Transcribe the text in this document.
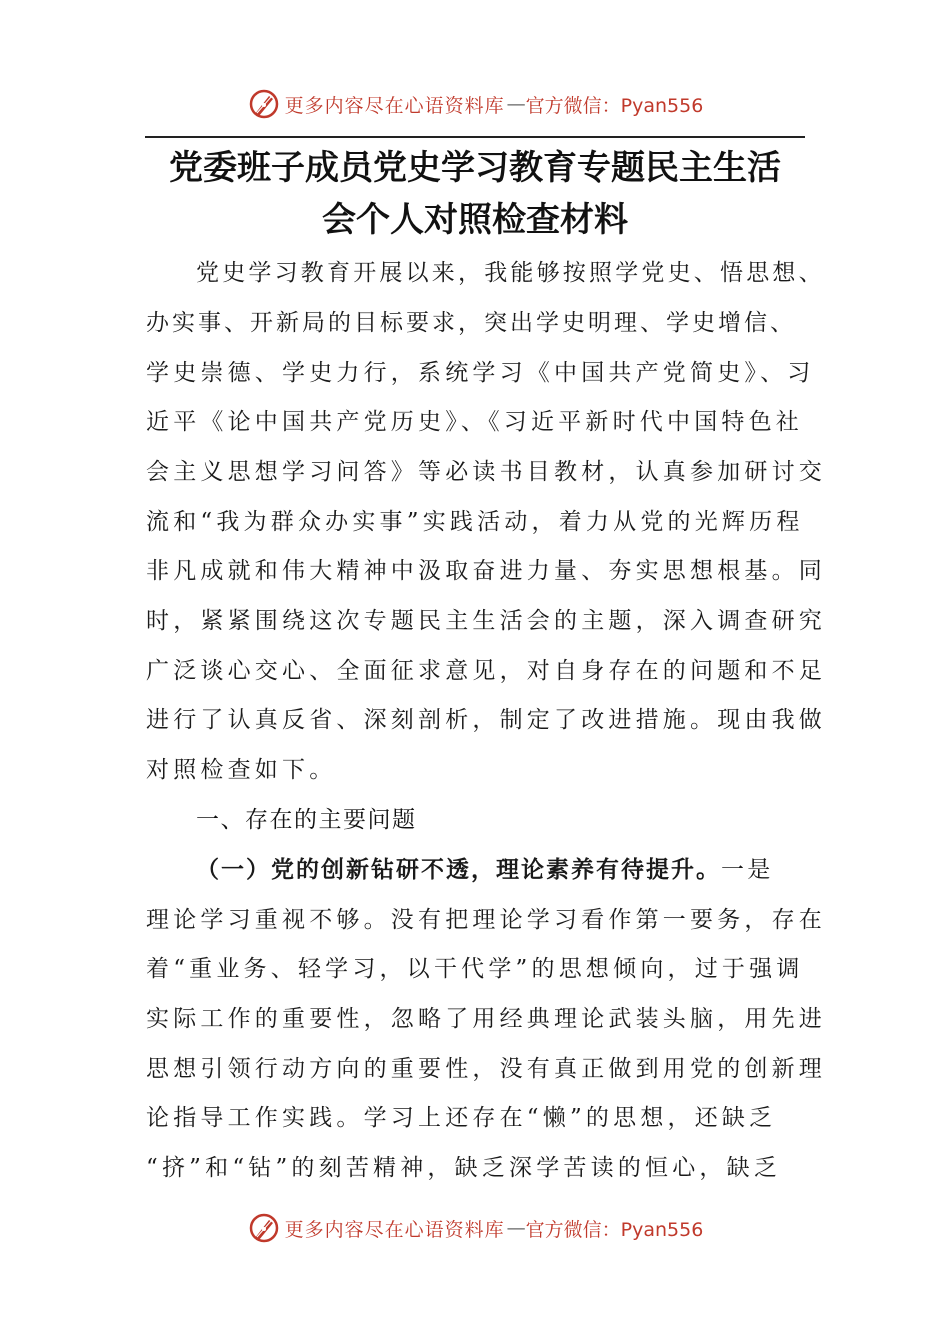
更多内容尽在心语资料库 — 官方微信：Pyan556
党委班子成员党史学习教育专题民主生活
会个人对照检查材料
党史学习教育开展以来，我能够按照学党史、悟思想、
办实事、开新局的目标要求，突出学史明理、学史增信、
学史崇德、学史力行，系统学习《中国共产党简史》、习
近平《论中国共产党历史》、《习近平新时代中国特色社
会主义思想学习问答》等必读书目教材，认真参加研讨交
流和“我为群众办实事”实践活动，着力从党的光辉历程
非凡成就和伟大精神中汲取奋进力量、夯实思想根基。同
时，紧紧围绕这次专题民主生活会的主题，深入调查研究
广泛谈心交心、全面征求意见，对自身存在的问题和不足
进行了认真反省、深刻剖析，制定了改进措施。现由我做
对照检查如下。
一、存在的主要问题
（一）党的创新钻研不透，理论素养有待提升。一是
理论学习重视不够。没有把理论学习看作第一要务，存在
着“重业务、轻学习，以干代学”的思想倾向，过于强调
实际工作的重要性，忽略了用经典理论武装头脑，用先进
思想引领行动方向的重要性，没有真正做到用党的创新理
论指导工作实践。学习上还存在“懒”的思想，还缺乏
“挤”和“钻”的刻苦精神，缺乏深学苦读的恒心，缺乏
更多内容尽在心语资料库 — 官方微信：Pyan556
